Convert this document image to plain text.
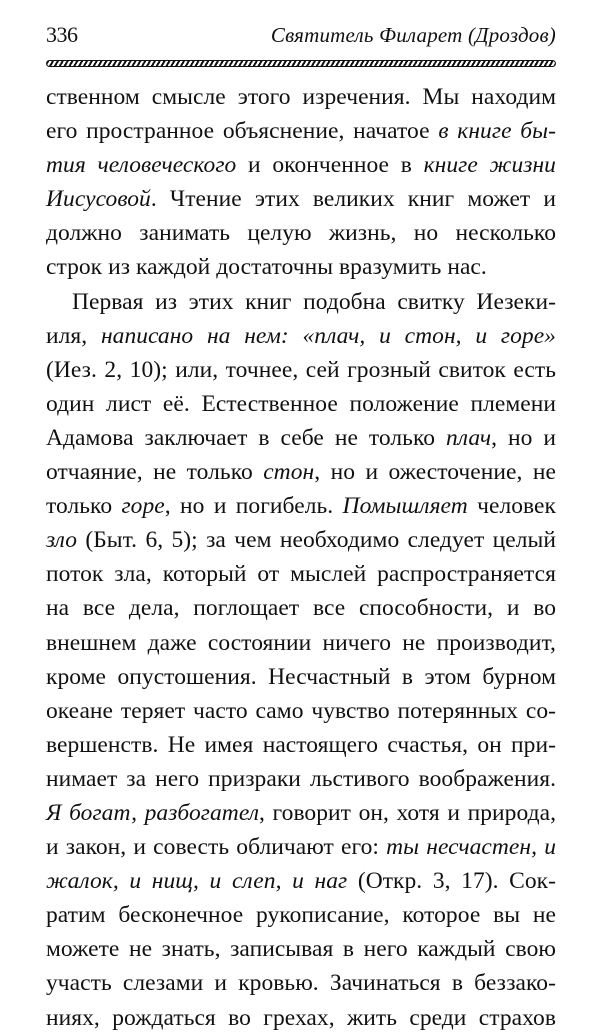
336	Святитель Филарет (Дроздов)
ственном смысле этого изречения. Мы находим
его пространное объяснение, начатое в книге бы-
тия человеческого и оконченное в книге жизни
Иисусовой. Чтение этих великих книг может и
должно занимать целую жизнь, но несколько
строк из каждой достаточны вразумить нас.
Первая из этих книг подобна свитку Иезеки-
иля, написано на нем: «плач, и стон, и горе»
(Иез. 2, 10); или, точнее, сей грозный свиток есть
один лист её. Естественное положение племени
Адамова заключает в себе не только плач, но и
отчаяние, не только стон, но и ожесточение, не
только горе, но и погибель. Помышляет человек
зло (Быт. 6, 5); за чем необходимо следует целый
поток зла, который от мыслей распространяется
на все дела, поглощает все способности, и во
внешнем даже состоянии ничего не производит,
кроме опустошения. Несчастный в этом бурном
океане теряет часто само чувство потерянных со-
вершенств. Не имея настоящего счастья, он при-
нимает за него призраки льстивого воображения.
Я богат, разбогател, говорит он, хотя и природа,
и закон, и совесть обличают его: ты несчастен, и
жалок, и нищ, и слеп, и наг (Откр. 3, 17). Сок-
ратим бесконечное рукописание, которое вы не
можете не знать, записывая в него каждый свою
участь слезами и кровью. Зачинаться в беззако-
ниях, рождаться во грехах, жить среди страхов
